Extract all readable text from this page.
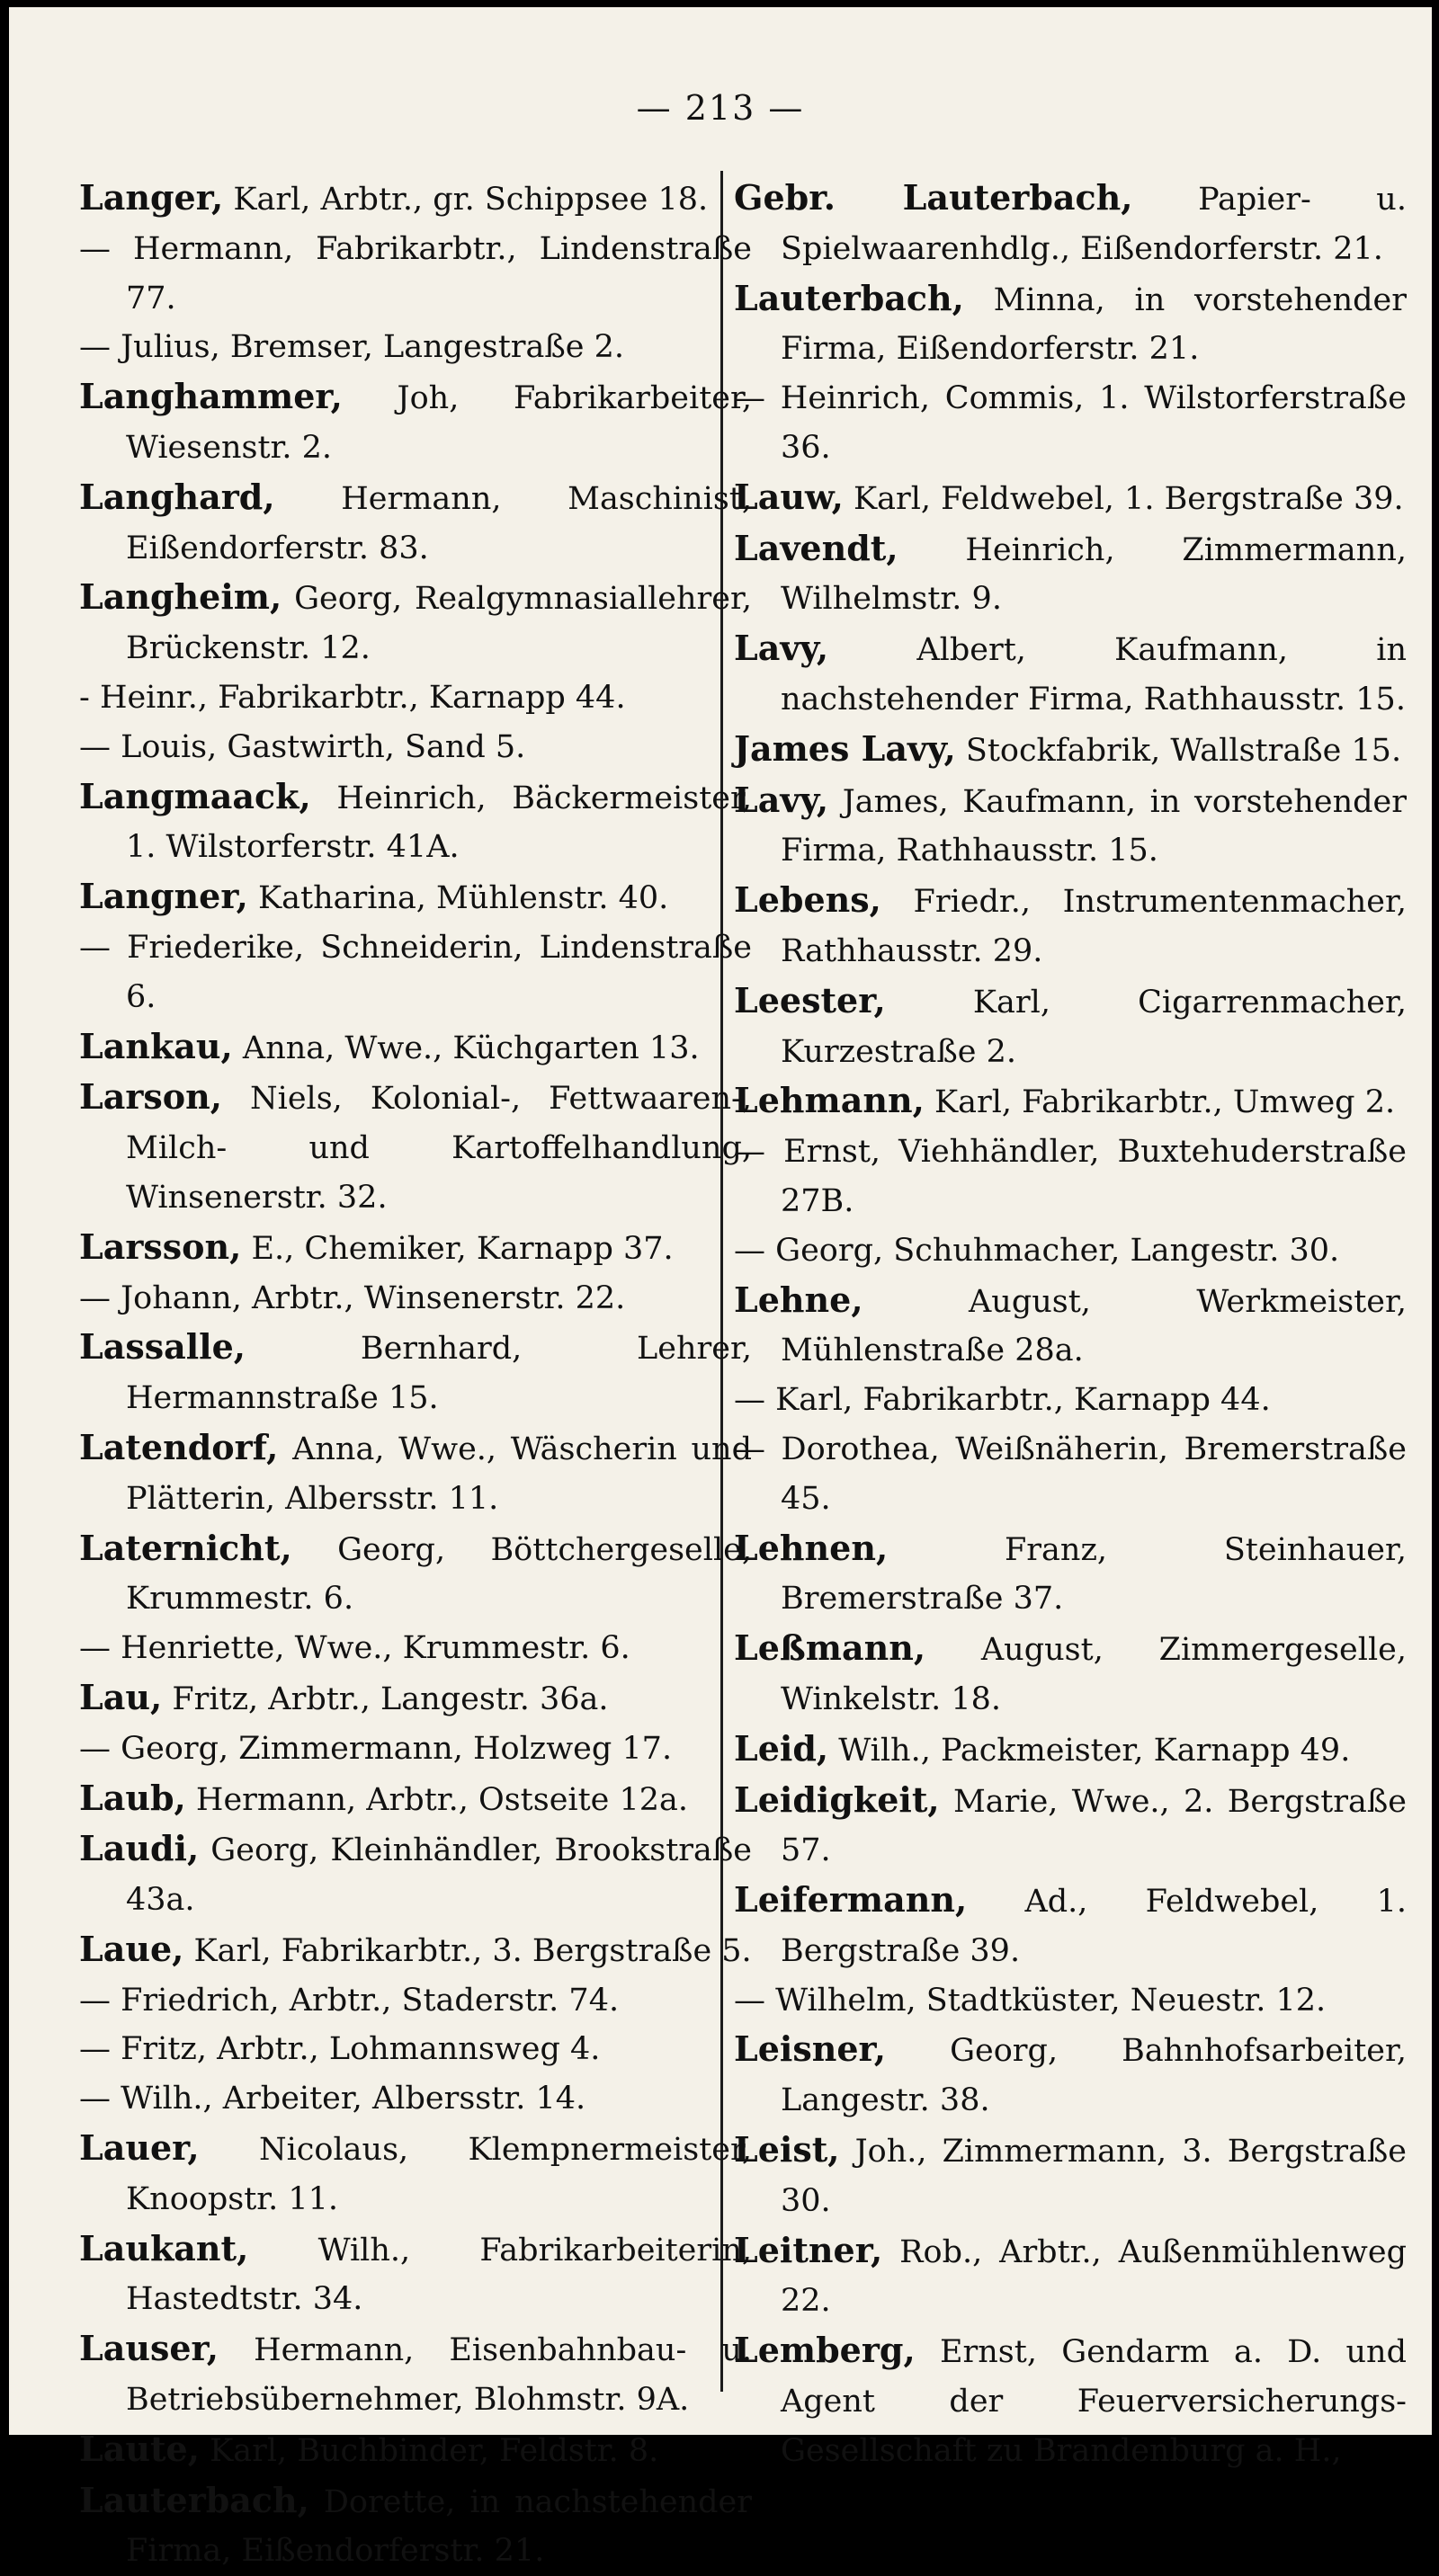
— 213 —

Langer, Karl, Arbtr., gr. Schippsee 18.

— Hermann, Fabrikarbtr., Lindenstraße 77.

— Julius, Bremser, Langestraße 2.

Langhammer, Joh, Fabrikarbeiter, Wiesenstr. 2.

Langhard, Hermann, Maschinist, Eißendorferstr. 83.

Langheim, Georg, Realgymnasiallehrer, Brückenstr. 12.

- Heinr., Fabrikarbtr., Karnapp 44.

— Louis, Gastwirth, Sand 5.

Langmaack, Heinrich, Bäckermeister, 1. Wilstorferstr. 41A.

Langner, Katharina, Mühlenstr. 40.

— Friederike, Schneiderin, Lindenstraße 6.

Lankau, Anna, Wwe., Küchgarten 13.

Larson, Niels, Kolonial-, Fettwaaren-, Milch- und Kartoffelhandlung, Winsenerstr. 32.

Larsson, E., Chemiker, Karnapp 37.

— Johann, Arbtr., Winsenerstr. 22.

Lassalle,	Bernhard, Lehrer, Hermannstraße 15.

Latendorf, Anna, Wwe., Wäscherin und Plätterin, Albersstr. 11.

Laternicht, Georg, Böttchergeselle, Krummestr. 6.

— Henriette, Wwe., Krummestr. 6.

Lau, Fritz, Arbtr., Langestr. 36a.

— Georg, Zimmermann, Holzweg 17.

Laub, Hermann, Arbtr., Ostseite 12a.

Laudi, Georg, Kleinhändler, Brookstraße 43a.

Laue, Karl, Fabrikarbtr., 3. Bergstraße 5.

— Friedrich, Arbtr., Staderstr. 74.

— Fritz, Arbtr., Lohmannsweg 4.

— Wilh., Arbeiter, Albersstr. 14.

Lauer, Nicolaus, Klempnermeister, Knoopstr. 11.

Laukant, Wilh., Fabrikarbeiterin, Hastedtstr. 34.

Lauser, Hermann, Eisenbahnbau- u. Betriebsübernehmer, Blohmstr. 9A.

Laute, Karl, Buchbinder, Feldstr. 8.

Lauterbach, Dorette, in nachstehender Firma, Eißendorferstr. 21.

Gebr. Lauterbach, Papier- u. Spielwaarenhdlg., Eißendorferstr. 21.

Lauterbach, Minna, in vorstehender Firma, Eißendorferstr. 21.

— Heinrich, Commis, 1. Wilstorferstraße 36.

Lauw, Karl, Feldwebel, 1. Bergstraße 39.

Lavendt, Heinrich, Zimmermann, Wilhelmstr. 9.

Lavy,	Albert, Kaufmann, in nachstehender Firma, Rathhausstr. 15.

James Lavy, Stockfabrik, Wallstraße 15.

Lavy, James, Kaufmann, in vorstehender Firma, Rathhausstr. 15.

Lebens, Friedr., Instrumentenmacher, Rathhausstr. 29.

Leester,	Karl, Cigarrenmacher, Kurzestraße 2.

Lehmann, Karl, Fabrikarbtr., Umweg 2.

— Ernst, Viehhändler, Buxtehuderstraße 27B.

— Georg, Schuhmacher, Langestr. 30.

Lehne,	August, Werkmeister, Mühlenstraße 28a.

— Karl, Fabrikarbtr., Karnapp 44.

— Dorothea, Weißnäherin, Bremerstraße 45.

Lehnen,	Franz, Steinhauer, Bremerstraße 37.

Leßmann, August, Zimmergeselle, Winkelstr. 18.

Leid, Wilh., Packmeister, Karnapp 49.

Leidigkeit, Marie, Wwe., 2. Bergstraße 57.

Leifermann, Ad., Feldwebel, 1. Bergstraße 39.

— Wilhelm, Stadtküster, Neuestr. 12.

Leisner, Georg, Bahnhofsarbeiter, Langestr. 38.

Leist, Joh., Zimmermann, 3. Bergstraße 30.

Leitner, Rob., Arbtr., Außenmühlenweg 22.

Lemberg, Ernst, Gendarm a. D. und Agent der Feuerversicherungs-Gesellschaft zu Brandenburg a. H.,
